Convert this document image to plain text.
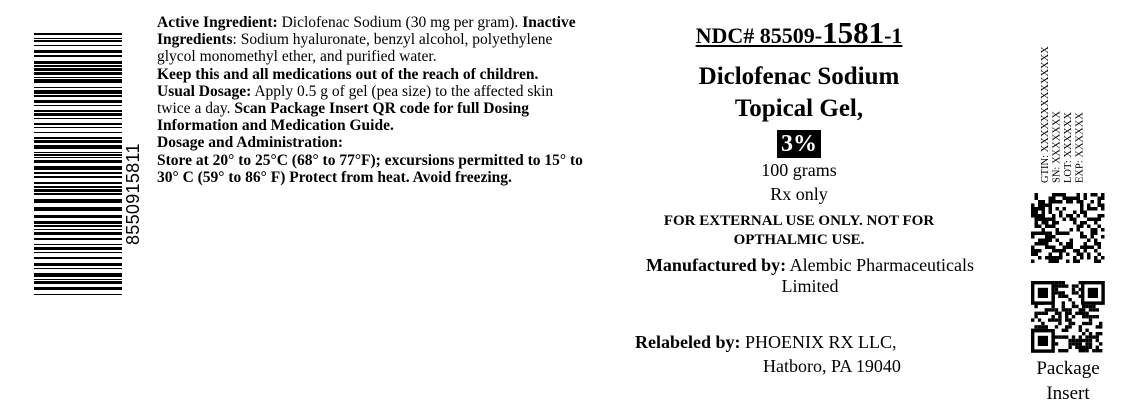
8550915811

Active Ingredient: Diclofenac Sodium (30 mg per gram). Inactive Ingredients: Sodium hyaluronate, benzyl alcohol, polyethylene glycol monomethyl ether, and purified water.

Keep this and all medications out of the reach of children.

Usual Dosage: Apply 0.5 g of gel (pea size) to the affected skin twice a day. Scan Package Insert QR code for full Dosing Information and Medication Guide.

Dosage and Administration:

Store at 20° to 25°C (68° to 77°F); excursions permitted to 15° to 30° C (59° to 86° F) Protect from heat. Avoid freezing.

NDC# 85509-1581-1
Diclofenac Sodium
Topical Gel,
3%
100 grams
Rx only
FOR EXTERNAL USE ONLY. NOT FOR OPTHALMIC USE.
Manufactured by: Alembic Pharmaceuticals Limited
Relabeled by: PHOENIX RX LLC,
Hatboro, PA 19040
GTIN: XXXXXXXXXXXXXX SN: XXXXXXX LOT: XXXXXX EXP: XXXXXX
Package Insert
